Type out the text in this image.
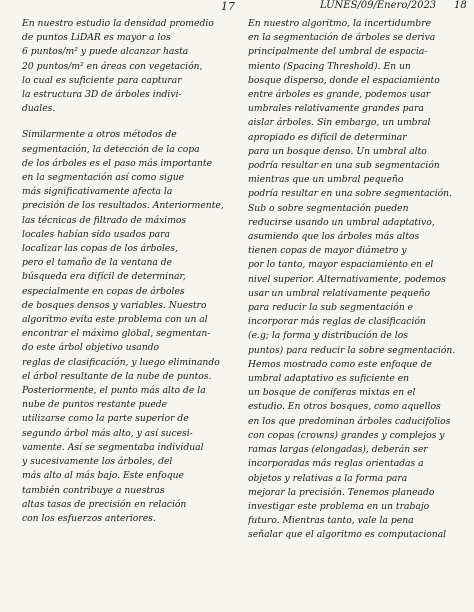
17	LUNES/09/Enero/2023 18
En nuestro estudio la densidad promedio
de puntos LiDAR es mayor a los
6 puntos/m² y puede alcanzar hasta
20 puntos/m² en áreas con vegetación,
lo cual es suficiente para capturar
la estructura 3D de árboles indivi-
duales.
Similarmente a otros métodos de
segmentación, la detección de la copa
de los árboles es el paso más importante
en la segmentación así como sigue
más significativamente afecta la
precisión de los resultados. Anteriormente,
las técnicas de filtrado de máximos
locales habían sido usados para
localizar las copas de los árboles,
pero el tamaño de la ventana de
búsqueda era difícil de determinar,
especialmente en copas de árboles
de bosques densos y variables. Nuestro
algoritmo evita este problema con un al
encontrar el máximo global, segmentan-
do este árbol objetivo usando
reglas de clasificación, y luego eliminando
el árbol resultante de la nube de puntos.
Posteriormente, el punto más alto de la
nube de puntos restante puede
utilizarse como la parte superior de
segundo árbol más alto, y así sucesi-
vamente. Así se segmentaba individual
y sucesivamente los árboles, del
más alto al más bajo. Este enfoque
también contribuye a nuestras
altas tasas de precisión en relación
con los esfuerzos anteriores.
En nuestro algoritmo, la incertidumbre
en la segmentación de árboles se deriva
principalmente del umbral de espacia-
miento (Spacing Threshold). En un
bosque disperso, donde el espaciamiento
entre árboles es grande, podemos usar
umbrales relativamente grandes para
aislar árboles. Sin embargo, un umbral
apropiado es difícil de determinar
para un bosque denso. Un umbral alto
podría resultar en una sub segmentación
mientras que un umbral pequeño
podría resultar en una sobre segmentación.
Sub o sobre segmentación pueden
reducirse usando un umbral adaptativo,
asumiendo que los árboles más altos
tienen copas de mayor diámetro y
por lo tanto, mayor espaciamiento en el
nivel superior. Alternativamente, podemos
usar un umbral relativamente pequeño
para reducir la sub segmentación e
incorporar más reglas de clasificación
(e.g; la forma y distribución de los
puntos) para reducir la sobre segmentación.
Hemos mostrado como este enfoque de
umbral adaptativo es suficiente en
un bosque de coníferas mixtas en el
estudio. En otros bosques, como aquellos
en los que predominan árboles caducifolios
con copas (crowns) grandes y complejos y
ramas largas (elongadas), deberán ser
incorporadas más reglas orientadas a
objetos y relativas a la forma para
mejorar la precisión. Tenemos planeado
investigar este problema en un trabajo
futuro. Mientras tanto, vale la pena
señalar que el algoritmo es computacional
